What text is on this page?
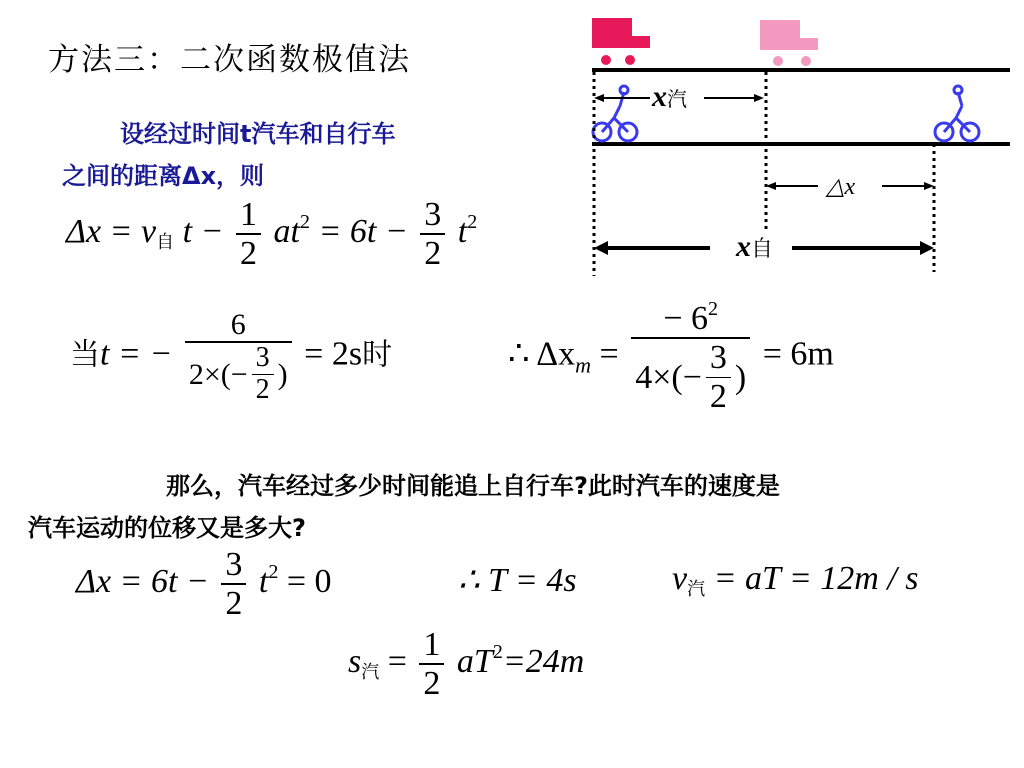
方法三：二次函数极值法
设经过时间t汽车和自行车
之间的距离Δx，则
x汽
△x
x自
Δx = v自 $t - \frac{1}{2} at^2 = 6t - \frac{3}{2} t^2$
当t = − $\frac{6}{2\times(- \frac{3}{2} )} = 2s$时	∴ $\Delta x_m = \frac{- 6^2}{4\times(- \frac{3}{2} )} = 6m$
那么，汽车经过多少时间能追上自行车?此时汽车的速度是
汽车运动的位移又是多大?
$\Delta x = 6t - \frac{3}{2} t^2 = 0$	∴ T = 4s	v汽 = aT = 12m / s
s汽 = $\frac{1}{2} aT^2=24m$
